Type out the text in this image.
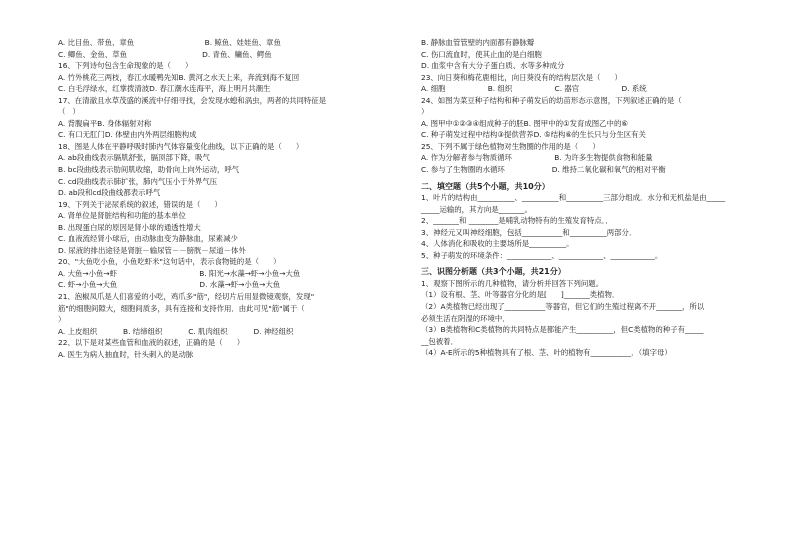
A. 比目鱼、带鱼、章鱼                              B. 鲸鱼、娃娃鱼、章鱼
C. 鲫鱼、金鱼、草鱼                                D. 青鱼、鳙鱼、鳄鱼
16、下列诗句包含生命现象的是（      ）
A. 竹外桃花三两枝，春江水暖鸭先知B. 黄河之水天上来，奔流到海不复回
C. 白毛浮绿水，红掌拨清波D. 春江潮水连海平，海上明月共潮生
17、在清澈且水草茂盛的溪流中仔细寻找，会发现水螅和涡虫，两者的共同特征是
（   ）
A. 背腹扁平B. 身体辐射对称
C. 有口无肛门D. 体壁由内外两层细胞构成
18、图是人体在平静呼吸时肺内气体容量变化曲线，以下正确的是（      ）
A. ab段曲线表示膈肌舒张，膈顶部下降，吸气
B. bc段曲线表示肋间肌收缩，助骨向上向外运动，呼气
C. cd段曲线表示肺扩张，肺内气压小于外界气压
D. ab段和cd段曲线都表示呼气
19、下列关于泌尿系统的叙述，错误的是（      ）
A. 肾单位是肾脏结构和功能的基本单位
B. 出现蛋白尿的原因是肾小球的通透性增大
C. 血液流经肾小球后，由动脉血变为静脉血，尿素减少
D. 尿液的排出途径是肾脏－输尿管－－膀胱－尿道－体外
20、"大鱼吃小鱼，小鱼吃虾米"这句话中，表示食物链的是（      ）
A. 大鱼→小鱼→虾                                   B. 阳光→水藻→虾→小鱼→大鱼
C. 虾→小鱼→大鱼                                   D. 水藻→虾→小鱼→大鱼
21、泡椒凤爪是人们喜爱的小吃，鸡爪多"筋"，经切片后用显微镜观察，发现"
筋"的细胞间隙大，细胞间质多，具有连接和支持作用．由此可见"筋"属于（
）
A. 上皮组织           B. 结缔组织           C. 肌肉组织           D. 神经组织
22、以下是对某些血管和血液的叙述，正确的是（      ）
A. 医生为病人抽血时，针头刺入的是动脉
B. 静脉血管管壁的内面都有静脉瓣
C. 伤口流血时，使其止血的是白细胞
D. 血浆中含有大分子蛋白质、水等多种成分
23、向日葵和梅花鹿相比，向日葵没有的结构层次是（      ）
A. 细胞                  B. 组织                  C. 器官                  D. 系统
24、如图为菜豆种子结构和种子萌发后的幼苗形态示意图，下列叙述正确的是（
）
A. 图甲中①②③④组成种子的胚B. 图甲中的①发育成图乙中的⑥
C. 种子萌发过程中结构③提供营养D. ⑤结构⑥的生长只与分生区有关
25、下列不属于绿色植物对生物圈的作用的是（      ）
A. 作为分解者参与物质循环                  B. 为许多生物提供食物和能量
C. 参与了生物圈的水循环                    D. 维持二氧化碳和氧气的相对平衡
二、填空题（共5个小题，共10分）
1、叶片的结构由__________、__________和__________三部分组成．水分和无机盐是由_____
_____运输的，其方向是_______。
2、_______和 ________是哺乳动物特有的生殖发育特点．．
3、神经元又叫神经细胞，包括___________和__________两部分．
4、人体消化和吸收的主要场所是__________。
5、种子萌发的环境条件：____________、____________、____________。
三、识图分析题（共3个小题，共21分）
1、观察下图所示的几种植物，请分析并回答下列问题。
（1）设有根、茎、叶等器官分化的是[      ]_______类植物．
（2）A类植物已经出现了___________等器官，但它们的生殖过程离不开_______，所以
必须生活在阴湿的环境中．
（3）B类植物和C类植物的共同特点是都能产生__________，但C类植物的种子有_____
__包被着．
（4）A-E所示的5种植物具有了根、茎、叶的植物有___________．（填字母）
